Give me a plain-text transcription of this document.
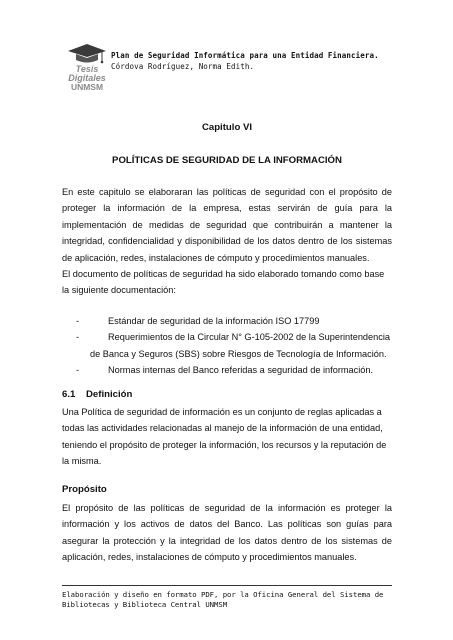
Tesis
Digitales
UNMSM
Plan de Seguridad Informática para una Entidad Financiera.
Córdova Rodríguez, Norma Edith.
Capitulo VI
POLÍTICAS DE SEGURIDAD DE LA INFORMACIÓN
En este capitulo se elaboraran las políticas de seguridad con el propósito de proteger la información de la empresa, estas servirán de guía para la implementación de medidas de seguridad que contribuirán a mantener la integridad, confidencialidad y disponibilidad de los datos dentro de los sistemas de aplicación, redes, instalaciones de cómputo y procedimientos manuales.
El documento de políticas de seguridad ha sido elaborado tomando como base la siguiente documentación:
-	Estándar de seguridad de la información ISO 17799
-	Requerimientos de la Circular N° G-105-2002 de la Superintendencia
de Banca y Seguros (SBS) sobre Riesgos de Tecnología de Información.
-	Normas internas del Banco referidas a seguridad de información.
6.1 Definición
Una Política de seguridad de información es un conjunto de reglas aplicadas a todas las actividades relacionadas al manejo de la información de una entidad, teniendo el propósito de proteger la información, los recursos y la reputación de la misma.
Propósito
El propósito de las políticas de seguridad de la información es proteger la información y los activos de datos del Banco. Las políticas son guías para asegurar la protección y la integridad de los datos dentro de los sistemas de aplicación, redes, instalaciones de cómputo y procedimientos manuales.
Elaboración y diseño en formato PDF, por la Oficina General del Sistema de Bibliotecas y Biblioteca Central UNMSM
